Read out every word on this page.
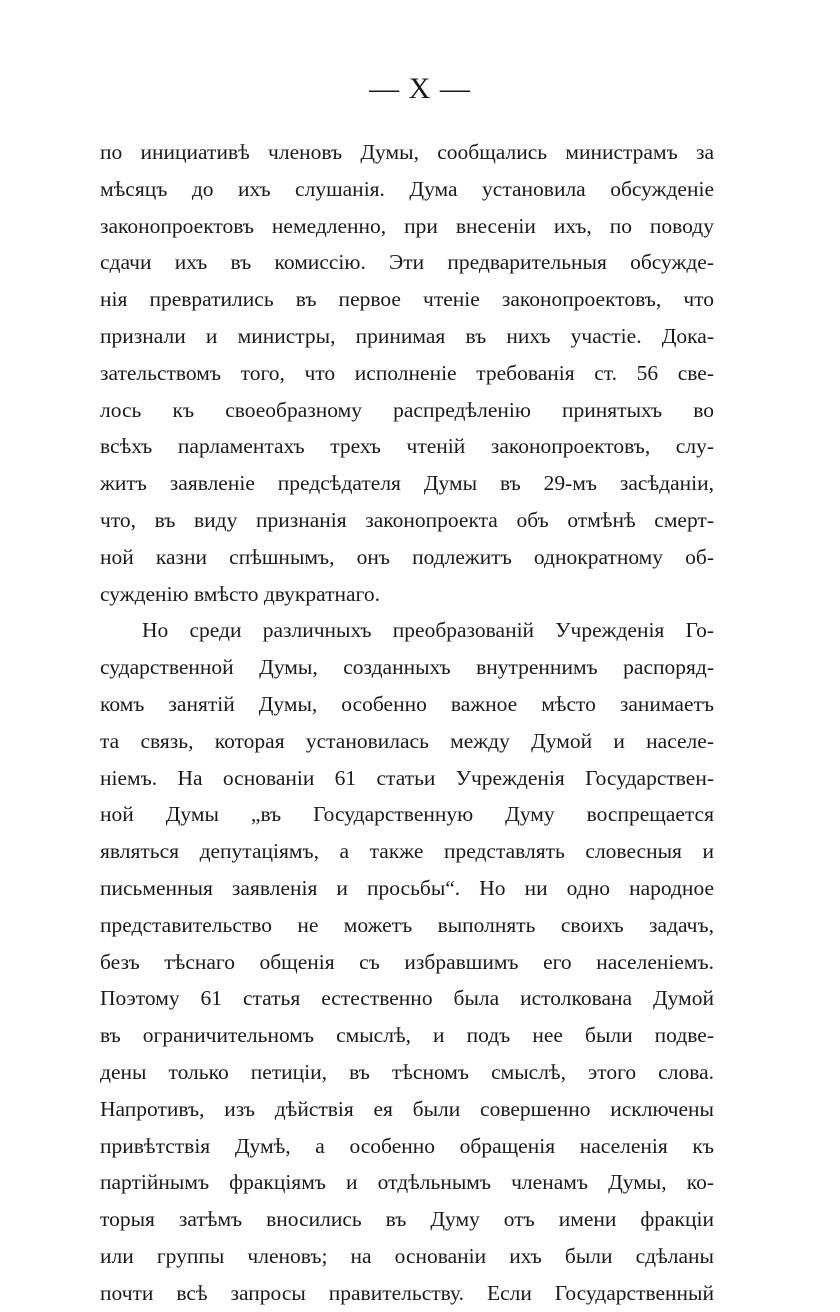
— X —
по инициативѣ членовъ Думы, сообщались министрамъ за
мѣсяцъ до ихъ слушанія. Дума установила обсужденіе
законопроектовъ немедленно, при внесеніи ихъ, по поводу
сдачи ихъ въ комиссію. Эти предварительныя обсужде-
нія превратились въ первое чтеніе законопроектовъ, что
признали и министры, принимая въ нихъ участіе. Дока-
зательствомъ того, что исполненіе требованія ст. 56 све-
лось къ своеобразному распредѣленію принятыхъ во
всѣхъ парламентахъ трехъ чтеній законопроектовъ, слу-
житъ заявленіе предсѣдателя Думы въ 29-мъ засѣданіи,
что, въ виду признанія законопроекта объ отмѣнѣ смерт-
ной казни спѣшнымъ, онъ подлежитъ однократному об-
сужденію вмѣсто двукратнаго.
Но среди различныхъ преобразованій Учрежденія Го-
сударственной Думы, созданныхъ внутреннимъ распоряд-
комъ занятій Думы, особенно важное мѣсто занимаетъ
та связь, которая установилась между Думой и населе-
ніемъ. На основаніи 61 статьи Учрежденія Государствен-
ной Думы „въ Государственную Думу воспрещается
являться депутаціямъ, а также представлять словесныя и
письменныя заявленія и просьбы“. Но ни одно народное
представительство не можетъ выполнять своихъ задачъ,
безъ тѣснаго общенія съ избравшимъ его населеніемъ.
Поэтому 61 статья естественно была истолкована Думой
въ ограничительномъ смыслѣ, и подъ нее были подве-
дены только петиціи, въ тѣсномъ смыслѣ, этого слова.
Напротивъ, изъ дѣйствія ея были совершенно исключены
привѣтствія Думѣ, а особенно обращенія населенія къ
партійнымъ фракціямъ и отдѣльнымъ членамъ Думы, ко-
торыя затѣмъ вносились въ Думу отъ имени фракціи
или группы членовъ; на основаніи ихъ были сдѣланы
почти всѣ запросы правительству. Если Государственный
